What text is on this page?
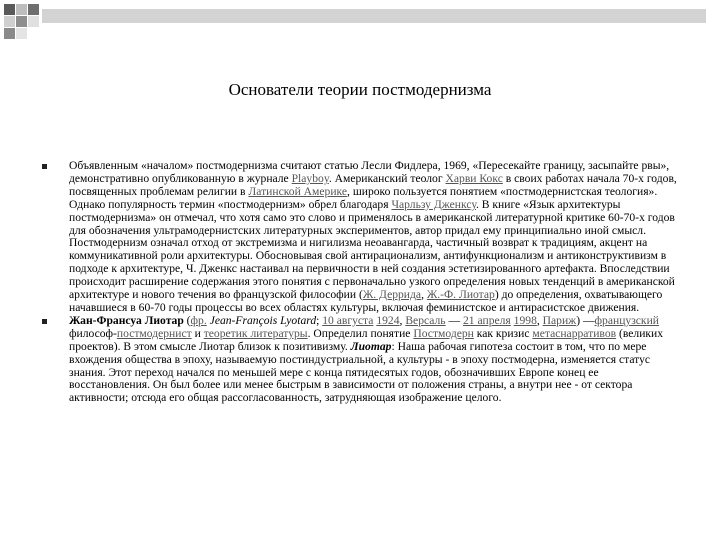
Основатели теории постмодернизма
Объявленным «началом» постмодернизма считают статью Лесли Фидлера, 1969, «Пересекайте границу, засыпайте рвы», демонстративно опубликованную в журнале Playboy. Американский теолог Харви Кокс в своих работах начала 70-х годов, посвященных проблемам религии в Латинской Америке, широко пользуется понятием «постмодернистская теология». Однако популярность термин «постмодернизм» обрел благодаря Чарльзу Дженксу. В книге «Язык архитектуры постмодернизма» он отмечал, что хотя само это слово и применялось в американской литературной критике 60-70-х годов для обозначения ультрамодернистских литературных экспериментов, автор придал ему принципиально иной смысл. Постмодернизм означал отход от экстремизма и нигилизма неоавангарда, частичный возврат к традициям, акцент на коммуникативной роли архитектуры. Обосновывая свой антирационализм, антифункционализм и антиконструктивизм в подходе к архитектуре, Ч. Дженкс настаивал на первичности в ней создания эстетизированного артефакта. Впоследствии происходит расширение содержания этого понятия с первоначально узкого определения новых тенденций в американской архитектуре и нового течения во французской философии (Ж. Деррида, Ж.-Ф. Лиотар) до определения, охватывающего начавшиеся в 60-70 годы процессы во всех областях культуры, включая феминистское и антирасистское движения.
Жан-Франсуа Лиотар (фр. Jean-François Lyotard; 10 августа 1924, Версаль — 21 апреля 1998, Париж) —французский философ-постмодернист и теоретик литературы. Определил понятие Постмодерн как кризис метаснарративов (великих проектов). В этом смысле Лиотар близок к позитивизму. Лиотар: Наша рабочая гипотеза состоит в том, что по мере вхождения общества в эпоху, называемую постиндустриальной, а культуры - в эпоху постмодерна, изменяется статус знания. Этот переход начался по меньшей мере с конца пятидесятых годов, обозначивших Европе конец ее восстановления. Он был более или менее быстрым в зависимости от положения страны, а внутри нее - от сектора активности; отсюда его общая рассогласованность, затрудняющая изображение целого.
